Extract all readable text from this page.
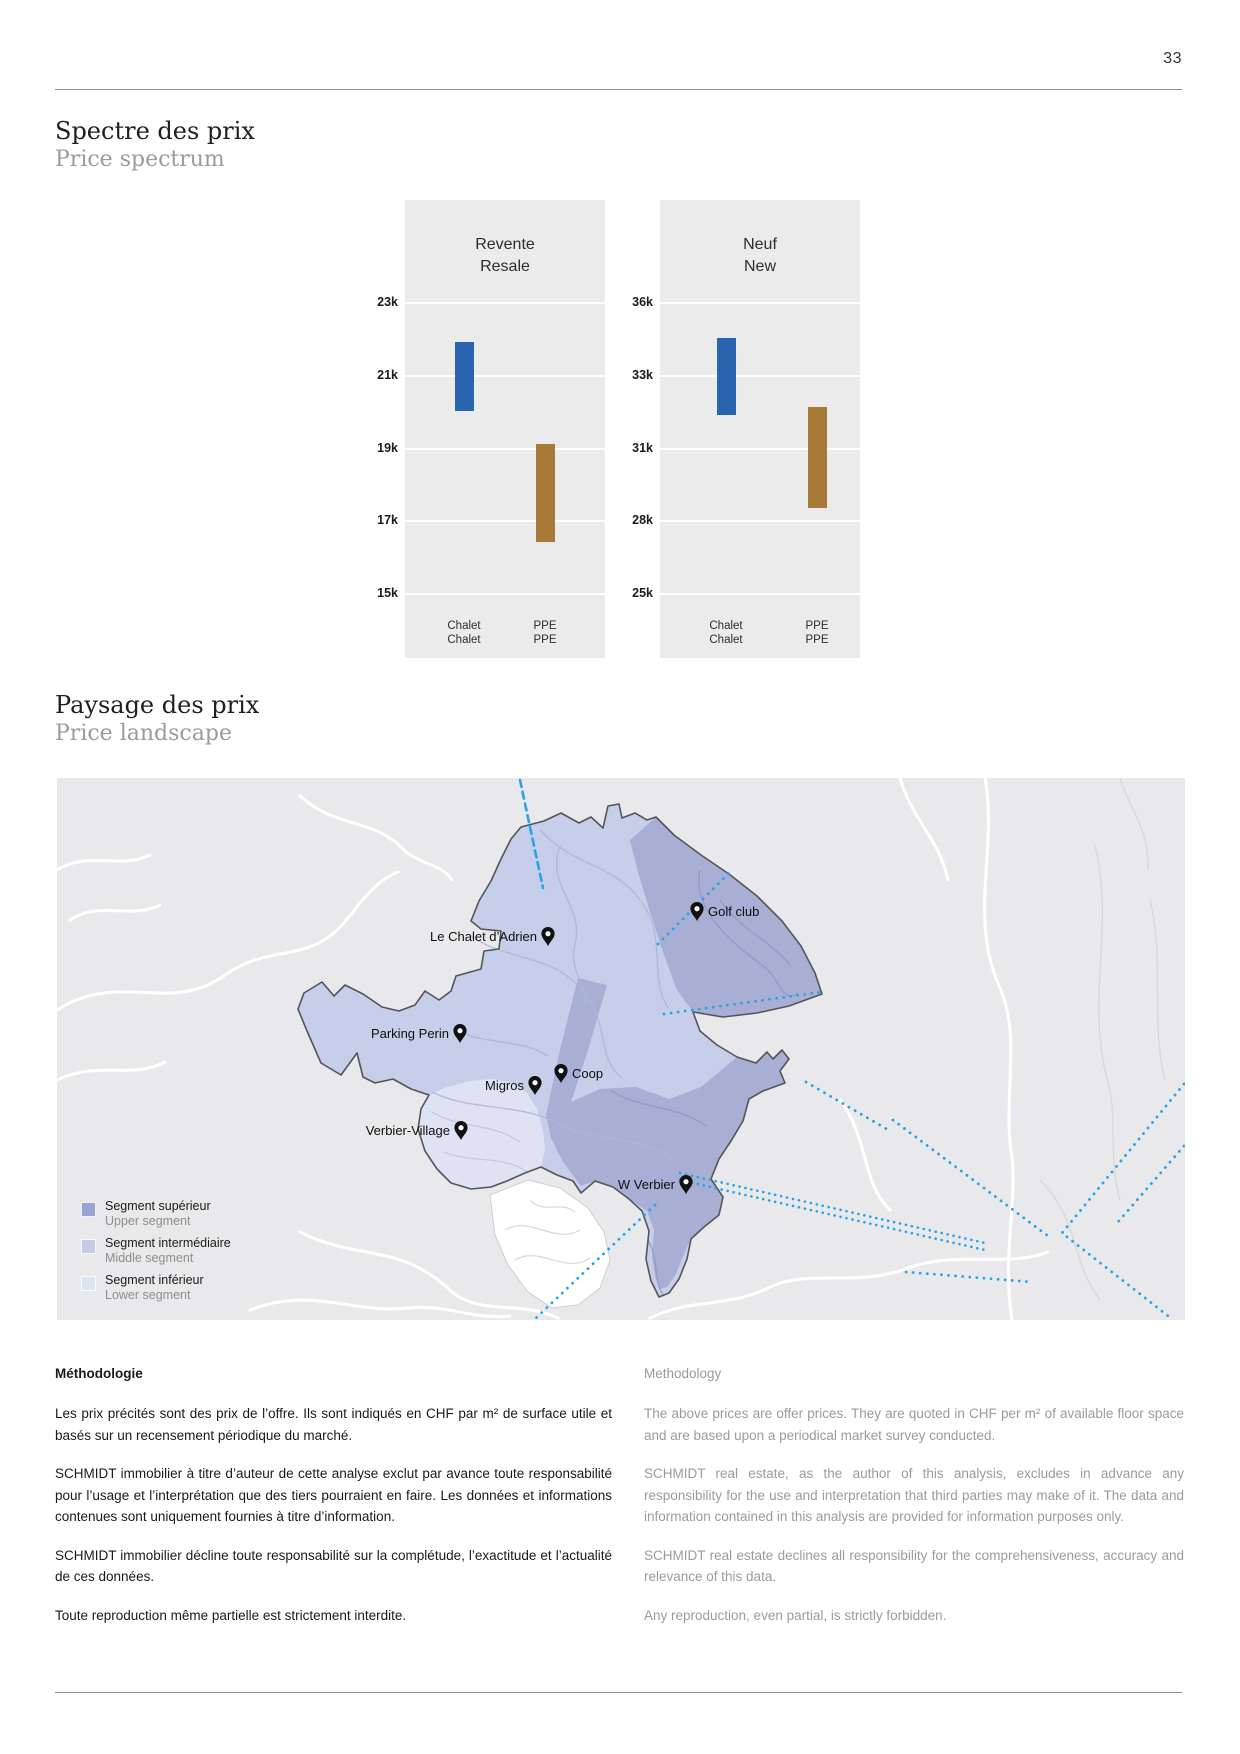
33
Spectre des prix
Price spectrum
Chalet
Chalet
PPE
PPE
Revente
Resale
23k
21k
19k
17k
15k
Chalet
Chalet
PPE
PPE
Neuf
New
36k
33k
31k
28k
25k
Paysage des prix
Price landscape
Golf club
Le Chalet d’Adrien
Parking Perin
Coop
Migros
Verbier-Village
W Verbier
Segment supérieur
Upper segment
Segment intermédiaire
Middle segment
Segment inférieur
Lower segment
Méthodologie

Les prix précités sont des prix de l’offre. Ils sont indiqués en CHF par m² de surface utile et basés sur un recensement périodique du marché.

SCHMIDT immobilier à titre d’auteur de cette analyse exclut par avance toute responsabilité pour l’usage et l’interprétation que des tiers pourraient en faire. Les données et informations contenues sont uniquement fournies à titre d’information.

SCHMIDT immobilier décline toute responsabilité sur la complétude, l’exactitude et l’actualité de ces données.

Toute reproduction même partielle est strictement interdite.

Methodology

The above prices are offer prices. They are quoted in CHF per m² of available floor space and are based upon a periodical market survey conducted.

SCHMIDT real estate, as the author of this analysis, excludes in advance any responsibility for the use and interpretation that third parties may make of it. The data and information contained in this analysis are provided for information purposes only.

SCHMIDT real estate declines all responsibility for the comprehensiveness, accuracy and relevance of this data.

Any reproduction, even partial, is strictly forbidden.
